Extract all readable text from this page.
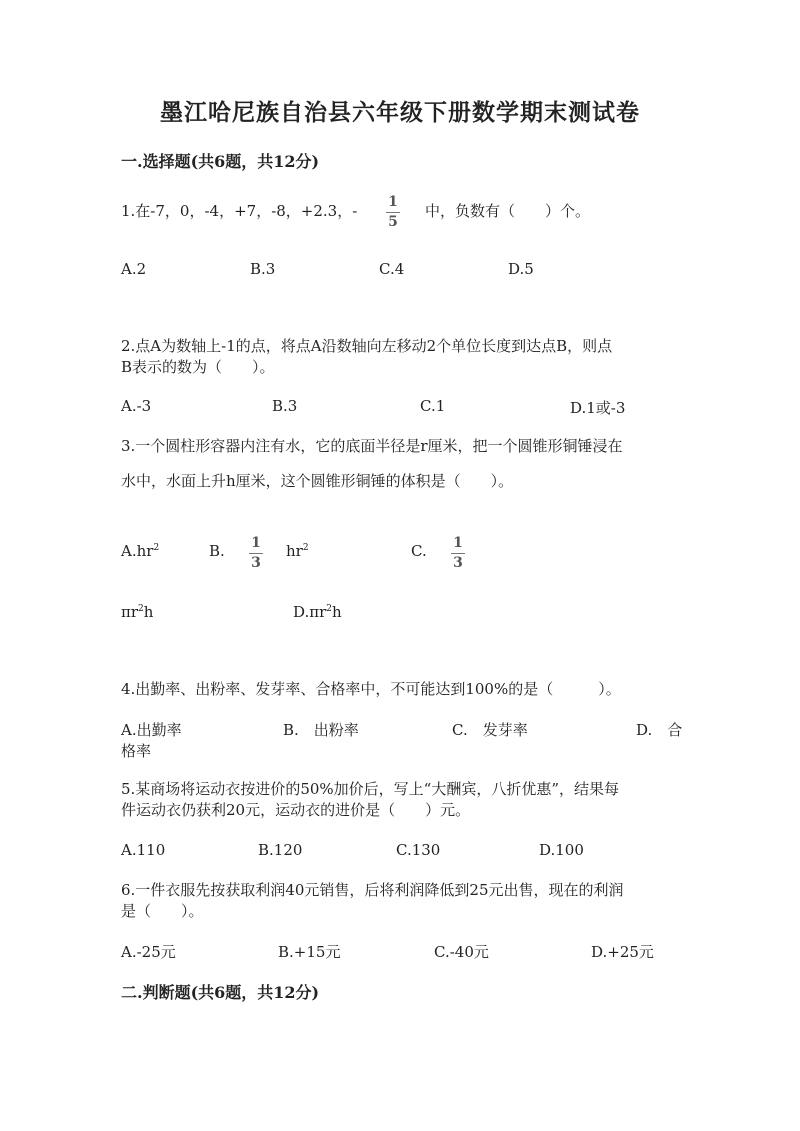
墨江哈尼族自治县六年级下册数学期末测试卷
一.选择题(共6题，共12分)
1.在-7，0，-4，+7，-8，+2.3，-	1
5
中，负数有（　　）个。
A.2	B.3	C.4	D.5
2.点A为数轴上-1的点，将点A沿数轴向左移动2个单位长度到达点B，则点
B表示的数为（　　）。
A.-3	B.3	C.1	D.1或-3
3.一个圆柱形容器内注有水，它的底面半径是r厘米，把一个圆锥形铜锤浸在
水中，水面上升h厘米，这个圆锥形铜锤的体积是（　　）。
$A.hr^2$	B.	1
3
$hr^2$	C.	1
3
$\pi r^2h$	$D.\pi r^2h$
4.出勤率、出粉率、发芽率、合格率中，不可能达到100%的是（　　　）。
A.出勤率	B.　出粉率	C.　发芽率	D.　合
格率
5.某商场将运动衣按进价的50%加价后，写上“大酬宾，八折优惠”，结果每
件运动衣仍获利20元，运动衣的进价是（　　）元。
A.110	B.120	C.130	D.100
6.一件衣服先按获取利润40元销售，后将利润降低到25元出售，现在的利润
是（　　）。
A.-25元	B.+15元	C.-40元	D.+25元
二.判断题(共6题，共12分)
